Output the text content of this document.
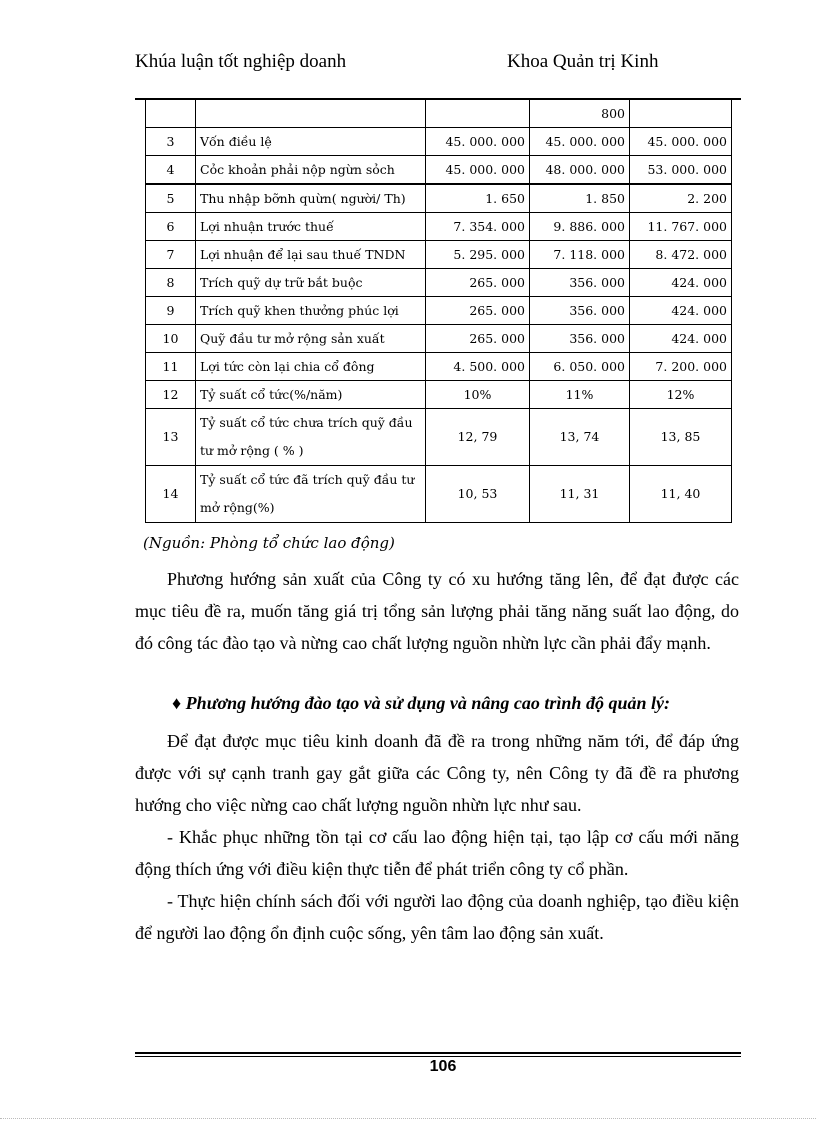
Khúa luận tốt nghiệp doanh	Khoa Quản trị Kinh
			800	
3	Vốn điều lệ	45. 000. 000	45. 000. 000	45. 000. 000
4	Cỏc khoản phải nộp ngừn sỏch	45. 000. 000	48. 000. 000	53. 000. 000
5	Thu nhập bỡnh quừn( người/ Th)	1. 650	1. 850	2. 200
6	Lợi nhuận trước thuế	7. 354. 000	9. 886. 000	11. 767. 000
7	Lợi nhuận để lại sau thuế TNDN	5. 295. 000	7. 118. 000	8. 472. 000
8	Trích quỹ dự trữ bắt buộc	265. 000	356. 000	424. 000
9	Trích quỹ khen thưởng phúc lợi	265. 000	356. 000	424. 000
10	Quỹ đầu tư mở rộng sản xuất	265. 000	356. 000	424. 000
11	Lợi tức còn lại chia cổ đông	4. 500. 000	6. 050. 000	7. 200. 000
12	Tỷ suất cổ tức(%/năm)	10%	11%	12%
13	Tỷ suất cổ tức chưa trích quỹ đầu tư mở rộng ( % )	12, 79	13, 74	13, 85
14	Tỷ suất cổ tức đã trích quỹ đầu tư mở rộng(%)	10, 53	11, 31	11, 40
(Nguồn: Phòng tổ chức lao động)
Phương hướng sản xuất của Công ty có xu hướng tăng lên, để đạt được các mục tiêu đề ra, muốn tăng giá trị tổng sản lượng phải tăng năng suất lao động, do đó công tác đào tạo và nừng cao chất lượng nguồn nhừn lực cần phải đẩy mạnh.
♦ Phương hướng đào tạo và sử dụng và nâng cao trình độ quản lý:
Để đạt được mục tiêu kinh doanh đã đề ra trong những năm tới, để đáp ứng được với sự cạnh tranh gay gắt giữa các Công ty, nên Công ty đã đề ra phương hướng cho việc nừng cao chất lượng nguồn nhừn lực như sau.
- Khắc phục những tồn tại cơ cấu lao động hiện tại, tạo lập cơ cấu mới năng động thích ứng với điều kiện thực tiễn để phát triển công ty cổ phần.
- Thực hiện chính sách đối với người lao động của doanh nghiệp, tạo điều kiện để người lao động ổn định cuộc sống, yên tâm lao động sản xuất.
106
